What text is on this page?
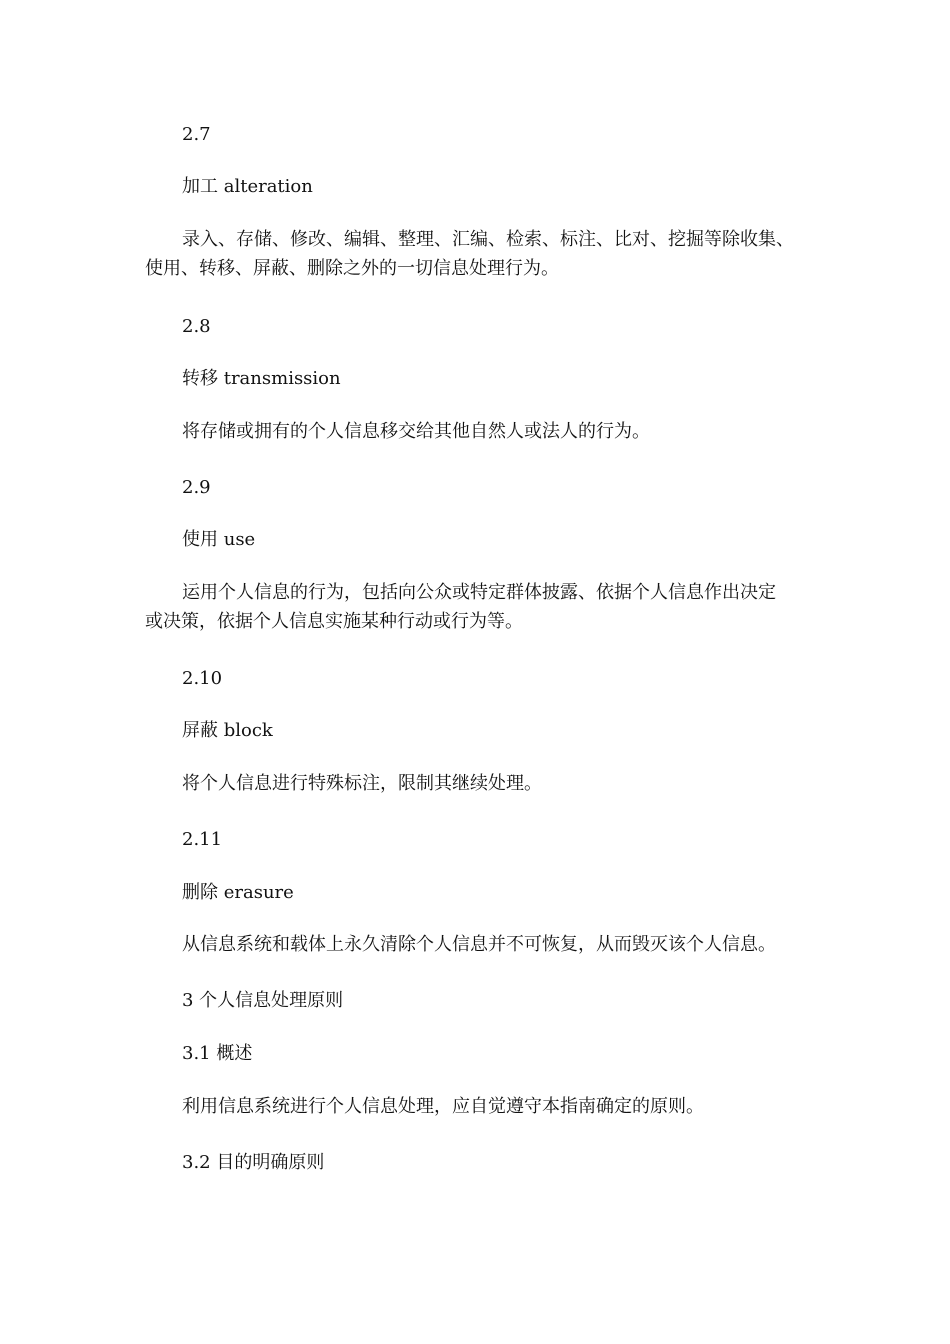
2.7
加工 alteration
录入、存储、修改、编辑、整理、汇编、检索、标注、比对、挖掘等除收集、
使用、转移、屏蔽、删除之外的一切信息处理行为。
2.8
转移 transmission
将存储或拥有的个人信息移交给其他自然人或法人的行为。
2.9
使用 use
运用个人信息的行为，包括向公众或特定群体披露、依据个人信息作出决定
或决策，依据个人信息实施某种行动或行为等。
2.10
屏蔽 block
将个人信息进行特殊标注，限制其继续处理。
2.11
删除 erasure
从信息系统和载体上永久清除个人信息并不可恢复，从而毁灭该个人信息。
3 个人信息处理原则
3.1 概述
利用信息系统进行个人信息处理，应自觉遵守本指南确定的原则。
3.2 目的明确原则
